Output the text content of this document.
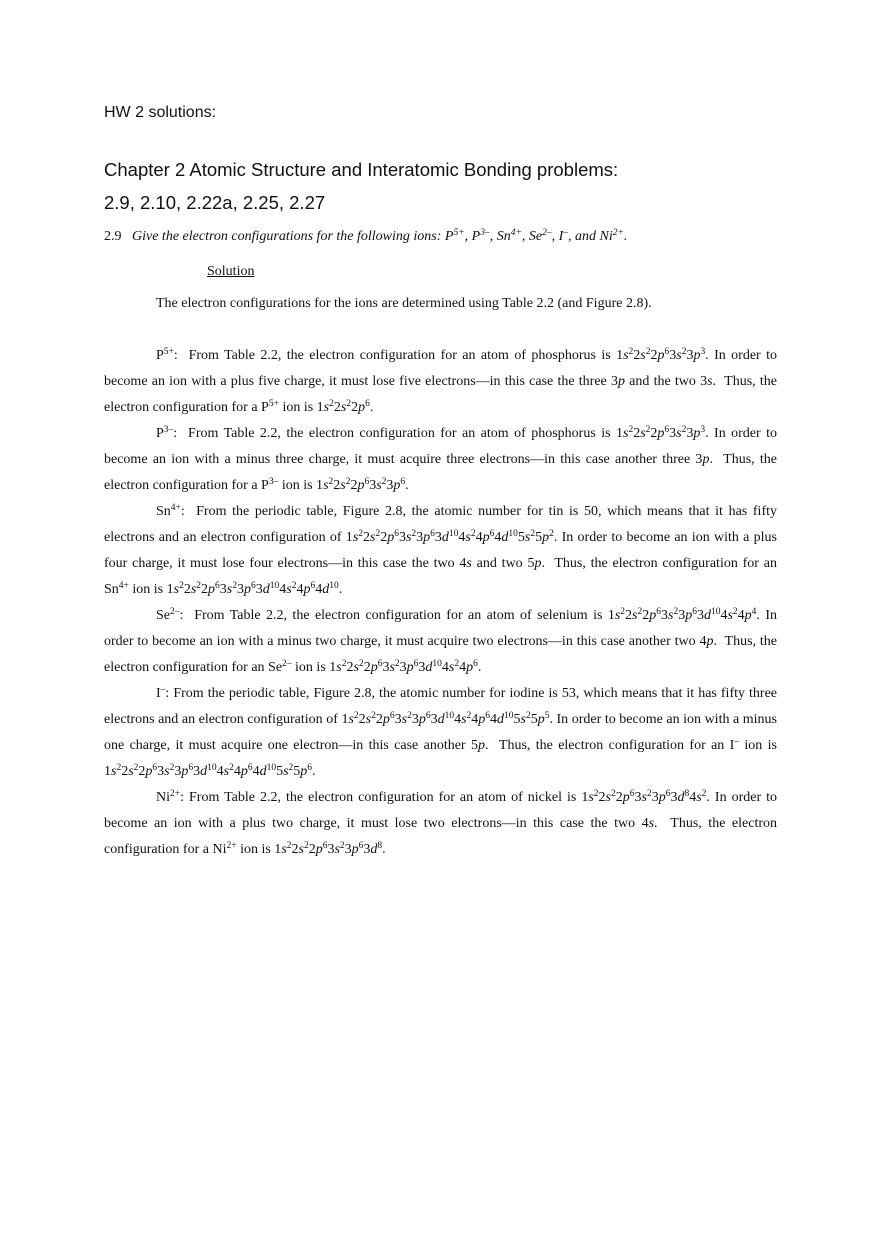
HW 2 solutions:
Chapter 2 Atomic Structure and Interatomic Bonding problems:
2.9, 2.10, 2.22a, 2.25, 2.27
2.9 Give the electron configurations for the following ions: $P^{5+}$, $P^{3-}$, $Sn^{4+}$, $Se^{2-}$, I–, and $Ni^{2+}$.
Solution
The electron configurations for the ions are determined using Table 2.2 (and Figure 2.8).

$P^{5+}$:  From Table 2.2, the electron configuration for an atom of phosphorus is $1s^22s^22p^63s^23p^3$. In order to become an ion with a plus five charge, it must lose five electrons—in this case the three 3p and the two 3s.  Thus, the electron configuration for a $P^{5+}$ ion is $1s^22s^22p^6$.

$P^{3-}$:  From Table 2.2, the electron configuration for an atom of phosphorus is $1s^22s^22p^63s^23p^3$. In order to become an ion with a minus three charge, it must acquire three electrons—in this case another three 3p.  Thus, the electron configuration for a $P^{3-}$ ion is $1s^22s^22p^63s^23p^6$.

$Sn^{4+}$:  From the periodic table, Figure 2.8, the atomic number for tin is 50, which means that it has fifty electrons and an electron configuration of $1s^22s^22p^63s^23p^63d^{10}4s^24p^64d^{10}5s^25p^2$. In order to become an ion with a plus four charge, it must lose four electrons—in this case the two 4s and two 5p.  Thus, the electron configuration for an $Sn^{4+}$ ion is $1s^22s^22p^63s^23p^63d^{10}4s^24p^64d^{10}$.

$Se^{2-}$:  From Table 2.2, the electron configuration for an atom of selenium is $1s^22s^22p^63s^23p^63d^{10}4s^24p^4$. In order to become an ion with a minus two charge, it must acquire two electrons—in this case another two 4p.  Thus, the electron configuration for an $Se^{2-}$ ion is $1s^22s^22p^63s^23p^63d^{10}4s^24p^6$.

I–: From the periodic table, Figure 2.8, the atomic number for iodine is 53, which means that it has fifty three electrons and an electron configuration of $1s^22s^22p^63s^23p^63d^{10}4s^24p^64d^{10}5s^25p^5$. In order to become an ion with a minus one charge, it must acquire one electron—in this case another 5p.  Thus, the electron configuration for an I– ion is $1s^22s^22p^63s^23p^63d^{10}4s^24p^64d^{10}5s^25p^6$.

$Ni^{2+}$: From Table 2.2, the electron configuration for an atom of nickel is $1s^22s^22p^63s^23p^63d^84s^2$. In order to become an ion with a plus two charge, it must lose two electrons—in this case the two 4s.  Thus, the electron configuration for a $Ni^{2+}$ ion is $1s^22s^22p^63s^23p^63d^8$.
